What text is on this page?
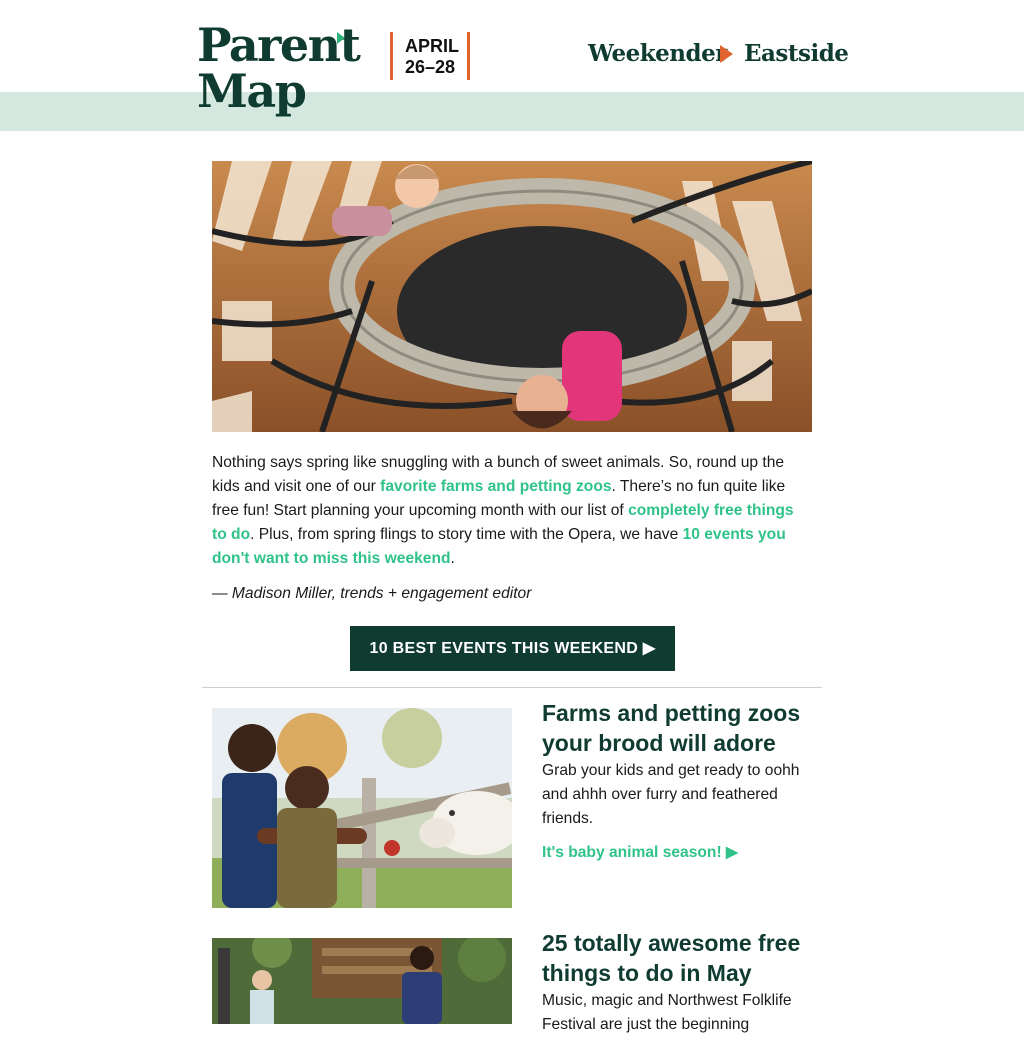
Parent
Map
APRIL
26–28	Weekender Eastside
Nothing says spring like snuggling with a bunch of sweet animals. So, round up the kids and visit one of our favorite farms and petting zoos. There’s no fun quite like free fun! Start planning your upcoming month with our list of completely free things to do. Plus, from spring flings to story time with the Opera, we have 10 events you don't want to miss this weekend.
— Madison Miller, trends + engagement editor
10 BEST EVENTS THIS WEEKEND ▶
Farms and petting zoos your brood will adore
Grab your kids and get ready to oohh and ahhh over furry and feathered friends.
It's baby animal season! ▶
25 totally awesome free things to do in May
Music, magic and Northwest Folklife Festival are just the beginning
